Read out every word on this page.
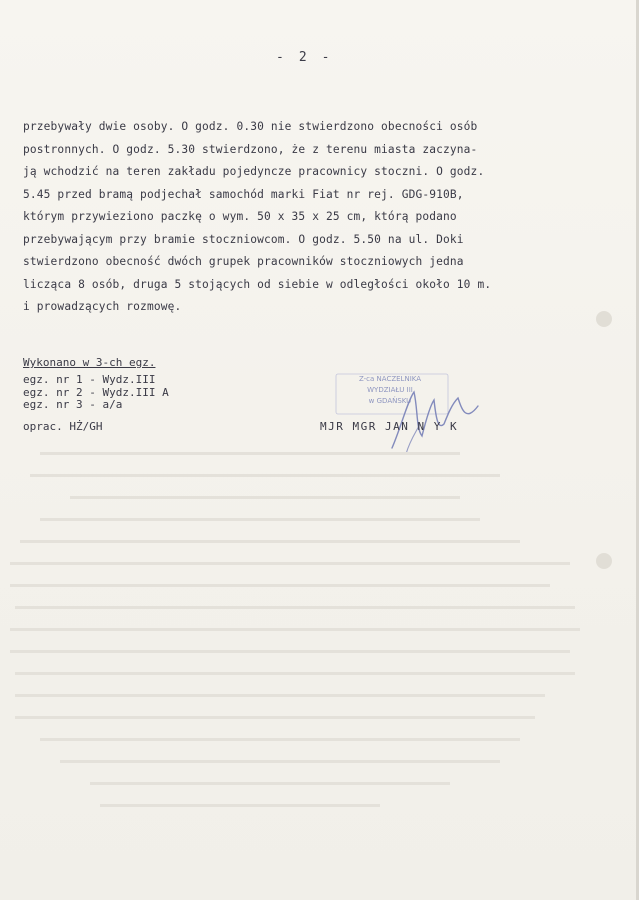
- 2 -
przebywały dwie osoby. O godz. 0.30 nie stwierdzono obecności osób
postronnych. O godz. 5.30 stwierdzono, że z terenu miasta zaczyna-
ją wchodzić na teren zakładu pojedyncze pracownicy stoczni. O godz.
5.45 przed bramą podjechał samochód marki Fiat nr rej. GDG-910B,
którym przywieziono paczkę o wym. 50 x 35 x 25 cm, którą podano
przebywającym przy bramie stoczniowcom. O godz. 5.50 na ul. Doki
stwierdzono obecność dwóch grupek pracowników stoczniowych jedna
licząca 8 osób, druga 5 stojących od siebie w odległości około 10 m.
i prowadzących rozmowę.
Wykonano w 3-ch egz.
egz. nr 1 - Wydz.III
egz. nr 2 - Wydz.III A
egz. nr 3 - a/a
oprac. HŻ/GH
Z-ca NACZELNIKA
WYDZIAŁU III
w GDAŃSKU
MJR MGR JAN N Y K
